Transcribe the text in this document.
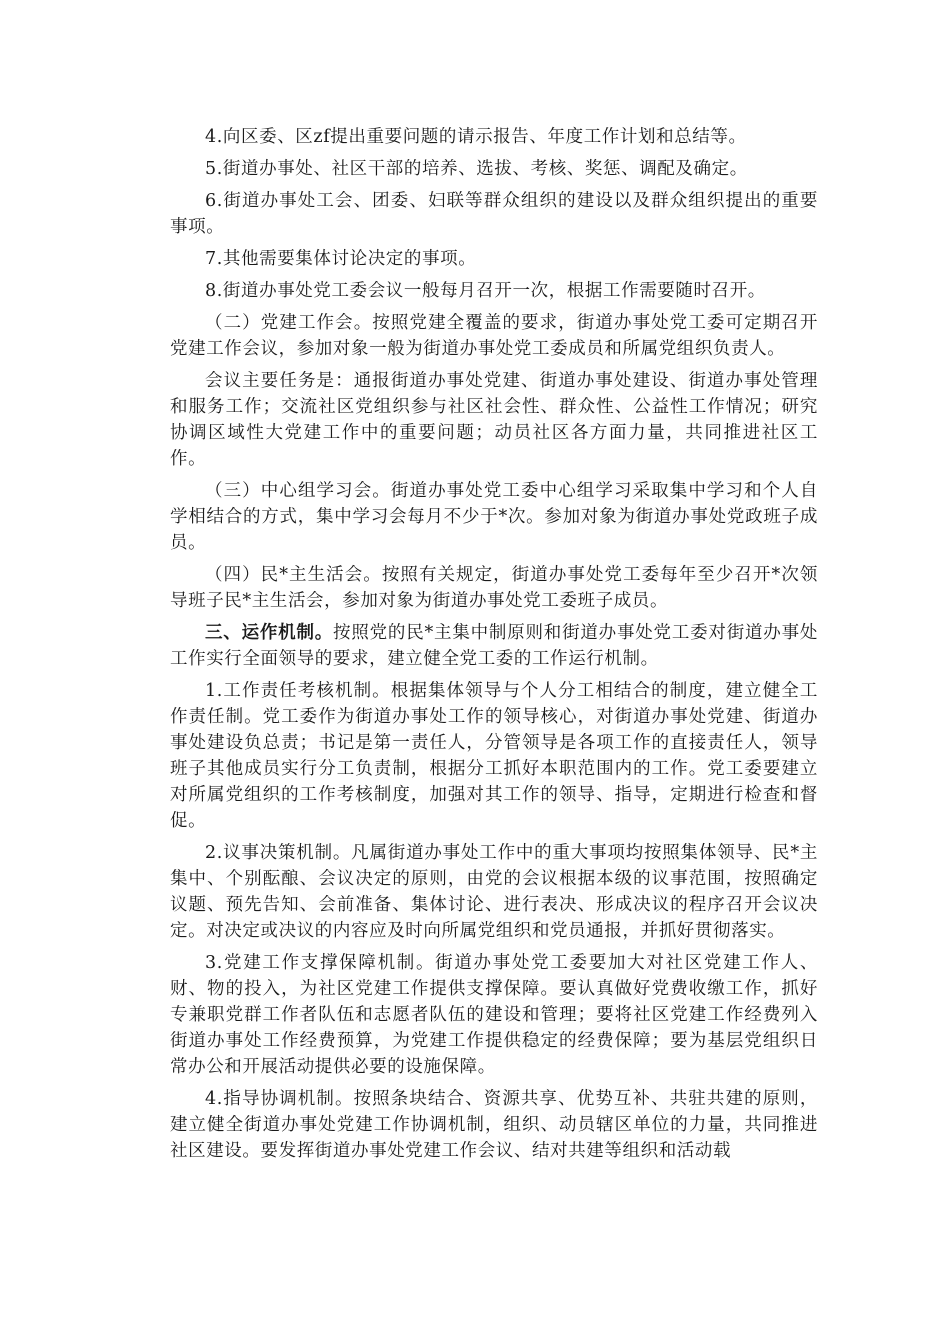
4.向区委、区zf提出重要问题的请示报告、年度工作计划和总结等。

5.街道办事处、社区干部的培养、选拔、考核、奖惩、调配及确定。

6.街道办事处工会、团委、妇联等群众组织的建设以及群众组织提出的重要事项。

7.其他需要集体讨论决定的事项。

8.街道办事处党工委会议一般每月召开一次，根据工作需要随时召开。

（二）党建工作会。按照党建全覆盖的要求，街道办事处党工委可定期召开党建工作会议，参加对象一般为街道办事处党工委成员和所属党组织负责人。

会议主要任务是：通报街道办事处党建、街道办事处建设、街道办事处管理和服务工作；交流社区党组织参与社区社会性、群众性、公益性工作情况；研究协调区域性大党建工作中的重要问题；动员社区各方面力量，共同推进社区工作。

（三）中心组学习会。街道办事处党工委中心组学习采取集中学习和个人自学相结合的方式，集中学习会每月不少于*次。参加对象为街道办事处党政班子成员。

（四）民*主生活会。按照有关规定，街道办事处党工委每年至少召开*次领导班子民*主生活会，参加对象为街道办事处党工委班子成员。

三、运作机制。按照党的民*主集中制原则和街道办事处党工委对街道办事处工作实行全面领导的要求，建立健全党工委的工作运行机制。

1.工作责任考核机制。根据集体领导与个人分工相结合的制度，建立健全工作责任制。党工委作为街道办事处工作的领导核心，对街道办事处党建、街道办事处建设负总责；书记是第一责任人，分管领导是各项工作的直接责任人，领导班子其他成员实行分工负责制，根据分工抓好本职范围内的工作。党工委要建立对所属党组织的工作考核制度，加强对其工作的领导、指导，定期进行检查和督促。

2.议事决策机制。凡属街道办事处工作中的重大事项均按照集体领导、民*主集中、个别酝酿、会议决定的原则，由党的会议根据本级的议事范围，按照确定议题、预先告知、会前准备、集体讨论、进行表决、形成决议的程序召开会议决定。对决定或决议的内容应及时向所属党组织和党员通报，并抓好贯彻落实。

3.党建工作支撑保障机制。街道办事处党工委要加大对社区党建工作人、财、物的投入，为社区党建工作提供支撑保障。要认真做好党费收缴工作，抓好专兼职党群工作者队伍和志愿者队伍的建设和管理；要将社区党建工作经费列入街道办事处工作经费预算，为党建工作提供稳定的经费保障；要为基层党组织日常办公和开展活动提供必要的设施保障。

4.指导协调机制。按照条块结合、资源共享、优势互补、共驻共建的原则，建立健全街道办事处党建工作协调机制，组织、动员辖区单位的力量，共同推进社区建设。要发挥街道办事处党建工作会议、结对共建等组织和活动载
